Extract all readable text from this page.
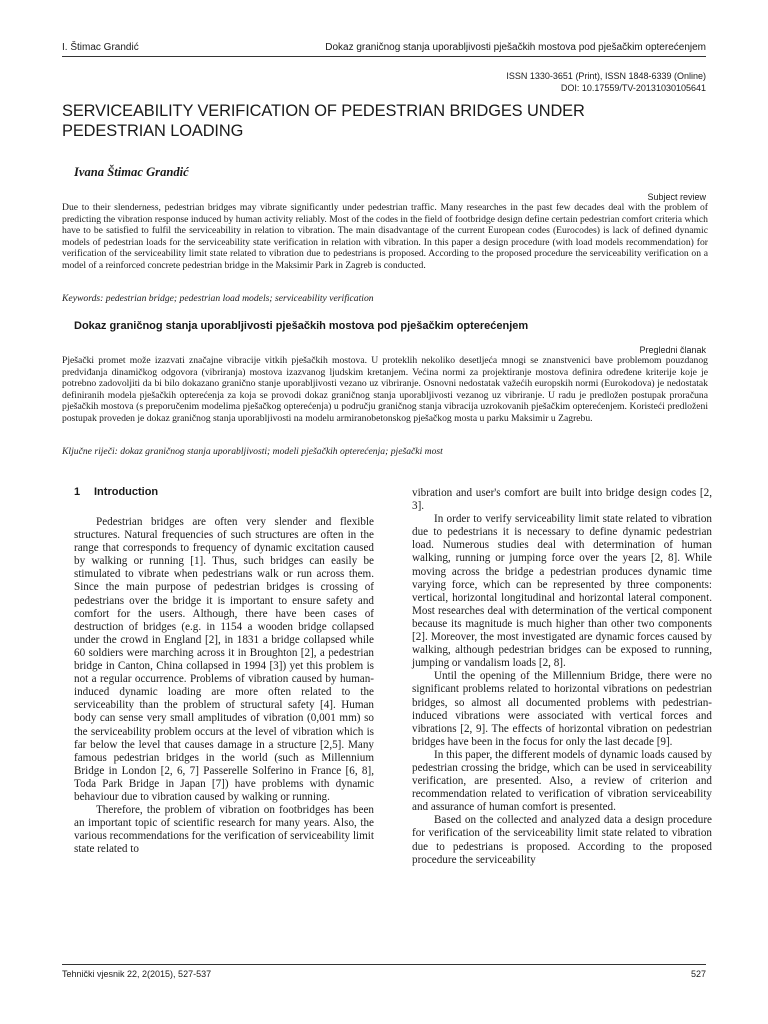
I. Štimac Grandić	Dokaz graničnog stanja uporabljivosti pješačkih mostova pod pješačkim opterećenjem
ISSN 1330-3651 (Print), ISSN 1848-6339 (Online)
DOI: 10.17559/TV-20131030105641
SERVICEABILITY VERIFICATION OF PEDESTRIAN BRIDGES UNDER PEDESTRIAN LOADING
Ivana Štimac Grandić
Subject review
Due to their slenderness, pedestrian bridges may vibrate significantly under pedestrian traffic. Many researches in the past few decades deal with the problem of predicting the vibration response induced by human activity reliably. Most of the codes in the field of footbridge design define certain pedestrian comfort criteria which have to be satisfied to fulfil the serviceability in relation to vibration. The main disadvantage of the current European codes (Eurocodes) is lack of defined dynamic models of pedestrian loads for the serviceability state verification in relation with vibration. In this paper a design procedure (with load models recommendation) for verification of the serviceability limit state related to vibration due to pedestrians is proposed. According to the proposed procedure the serviceability verification on a model of a reinforced concrete pedestrian bridge in the Maksimir Park in Zagreb is conducted.
Keywords: pedestrian bridge; pedestrian load models; serviceability verification
Dokaz graničnog stanja uporabljivosti pješačkih mostova pod pješačkim opterećenjem
Pregledni članak
Pješački promet može izazvati značajne vibracije vitkih pješačkih mostova. U proteklih nekoliko desetljeća mnogi se znanstvenici bave problemom pouzdanog predviđanja dinamičkog odgovora (vibriranja) mostova izazvanog ljudskim kretanjem. Većina normi za projektiranje mostova definira određene kriterije koje je potrebno zadovoljiti da bi bilo dokazano granično stanje uporabljivosti vezano uz vibriranje. Osnovni nedostatak važećih europskih normi (Eurokodova) je nedostatak definiranih modela pješačkih opterećenja za koja se provodi dokaz graničnog stanja uporabljivosti vezanog uz vibriranje. U radu je predložen postupak proračuna pješačkih mostova (s preporučenim modelima pješačkog opterećenja) u području graničnog stanja vibracija uzrokovanih pješačkim opterećenjem. Koristeći predloženi postupak proveden je dokaz graničnog stanja uporabljivosti na modelu armiranobetonskog pješačkog mosta u parku Maksimir u Zagrebu.
Ključne riječi: dokaz graničnog stanja uporabljivosti; modeli pješačkih opterećenja; pješački most
1 Introduction

Pedestrian bridges are often very slender and flexible structures. Natural frequencies of such structures are often in the range that corresponds to frequency of dynamic excitation caused by walking or running [1]. Thus, such bridges can easily be stimulated to vibrate when pedestrians walk or run across them. Since the main purpose of pedestrian bridges is crossing of pedestrians over the bridge it is important to ensure safety and comfort for the users. Although, there have been cases of destruction of bridges (e.g. in 1154 a wooden bridge collapsed under the crowd in England [2], in 1831 a bridge collapsed while 60 soldiers were marching across it in Broughton [2], a pedestrian bridge in Canton, China collapsed in 1994 [3]) yet this problem is not a regular occurrence. Problems of vibration caused by human-induced dynamic loading are more often related to the serviceability than the problem of structural safety [4]. Human body can sense very small amplitudes of vibration (0,001 mm) so the serviceability problem occurs at the level of vibration which is far below the level that causes damage in a structure [2,5]. Many famous pedestrian bridges in the world (such as Millennium Bridge in London [2, 6, 7] Passerelle Solferino in France [6, 8], Toda Park Bridge in Japan [7]) have problems with dynamic behaviour due to vibration caused by walking or running.

Therefore, the problem of vibration on footbridges has been an important topic of scientific research for many years. Also, the various recommendations for the verification of serviceability limit state related to

vibration and user's comfort are built into bridge design codes [2, 3].

In order to verify serviceability limit state related to vibration due to pedestrians it is necessary to define dynamic pedestrian load. Numerous studies deal with determination of human walking, running or jumping force over the years [2, 8]. While moving across the bridge a pedestrian produces dynamic time varying force, which can be represented by three components: vertical, horizontal longitudinal and horizontal lateral component. Most researches deal with determination of the vertical component because its magnitude is much higher than other two components [2]. Moreover, the most investigated are dynamic forces caused by walking, although pedestrian bridges can be exposed to running, jumping or vandalism loads [2, 8].

Until the opening of the Millennium Bridge, there were no significant problems related to horizontal vibrations on pedestrian bridges, so almost all documented problems with pedestrian-induced vibrations were associated with vertical forces and vibrations [2, 9]. The effects of horizontal vibration on pedestrian bridges have been in the focus for only the last decade [9].

In this paper, the different models of dynamic loads caused by pedestrian crossing the bridge, which can be used in serviceability verification, are presented. Also, a review of criterion and recommendation related to verification of vibration serviceability and assurance of human comfort is presented.

Based on the collected and analyzed data a design procedure for verification of the serviceability limit state related to vibration due to pedestrians is proposed. According to the proposed procedure the serviceability

Tehnički vjesnik 22, 2(2015), 527-537	527
